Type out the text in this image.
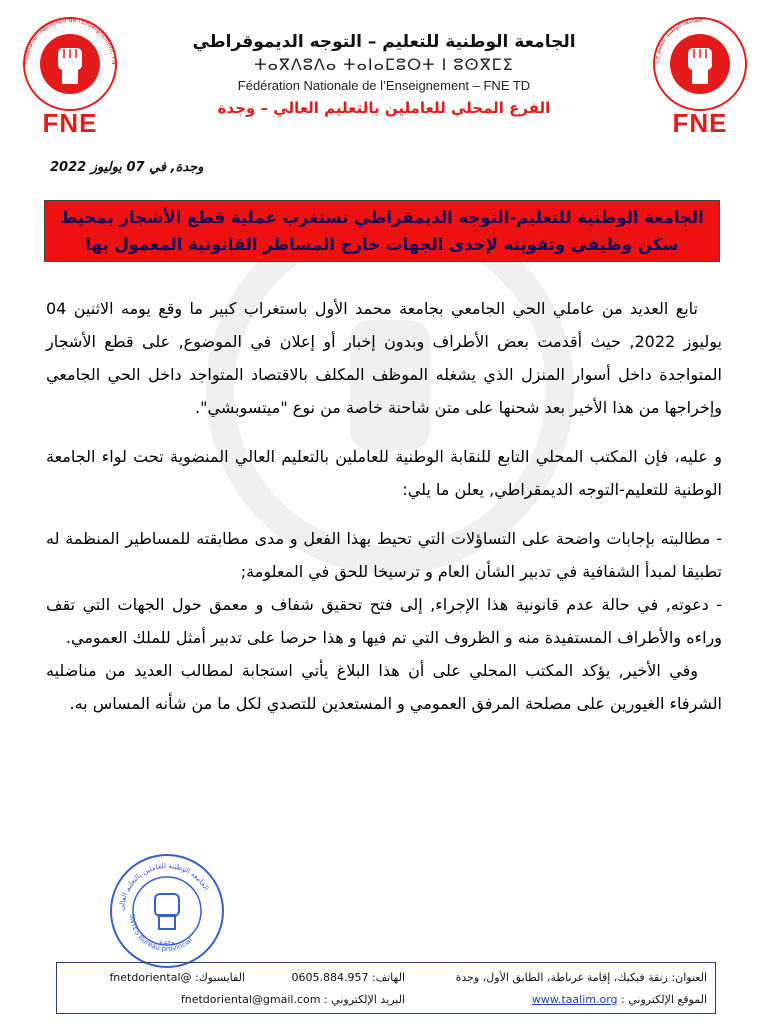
Fédération Nationale de l'Enseignement, FN
FNE
الجامعة الوطنية للتعليم ح.د
FNE
الجامعة الوطنية للتعليم – التوجه الديموقراطي
ⵜⴰⴳⴷⵓⴷⴰ ⵜⴰⵏⴰⵎⵓⵔⵜ ⵏ ⵓⵙⴳⵎⵉ
Fédération Nationale de l’Enseignement – FNE TD
الفرع المحلي للعاملين بالتعليم العالي – وجدة
وجدة, في 07 يوليوز 2022
الجامعة الوطنية للتعليم-التوجه الديمقراطي تستغرب عملية قطع الأشجار بمحيط سكن وظيفي وتفويته لإحدى الجهات خارج المساطر القانونية المعمول بها

تابع العديد من عاملي الحي الجامعي بجامعة محمد الأول باستغراب كبير ما وقع يومه الاثنين 04 يوليوز 2022, حيث أقدمت بعض الأطراف وبدون إخبار أو إعلان في الموضوع, على قطع الأشجار المتواجدة داخل أسوار المنزل الذي يشغله الموظف المكلف بالاقتصاد المتواجد داخل الحي الجامعي وإخراجها من هذا الأخير بعد شحنها على متن شاحنة خاصة من نوع "ميتسوبشي".

و عليه، فإن المكتب المحلي التابع للنقابة الوطنية للعاملين بالتعليم العالي المنضوية تحت لواء الجامعة الوطنية للتعليم-التوجه الديمقراطي, يعلن ما يلي:

- مطالبته بإجابات واضحة على التساؤلات التي تحيط بهذا الفعل و مدى مطابقته للمساطير المنظمة له تطبيقا لمبدأ الشفافية في تدبير الشأن العام و ترسيخا للحق في المعلومة;

- دعوته, في حالة عدم قانونية هذا الإجراء, إلى فتح تحقيق شفاف و معمق حول الجهات التي تقف وراءه والأطراف المستفيدة منه و الظروف التي تم فيها و هذا حرصا على تدبير أمثل للملك العمومي.

وفي الأخير, يؤكد المكتب المحلي على أن هذا البلاغ يأتي استجابة لمطالب العديد من مناضليه الشرفاء الغيورين على مصلحة المرفق العمومي و المستعدين للتصدي لكل ما من شأنه المساس به.

الجامعة الوطنية للعاملين بالتعليم العالي
SNTES Bureau provincial
وجدة
العنوان: زنقة فيكيك، إقامة غرناطة، الطابق الأول، وجدة
الهاتف: 0605.884.957
الفايسبوك: @fnetdoriental
الموقع الإلكتروني : www.taalim.org
البريد الإلكتروني : fnetdoriental@gmail.com
